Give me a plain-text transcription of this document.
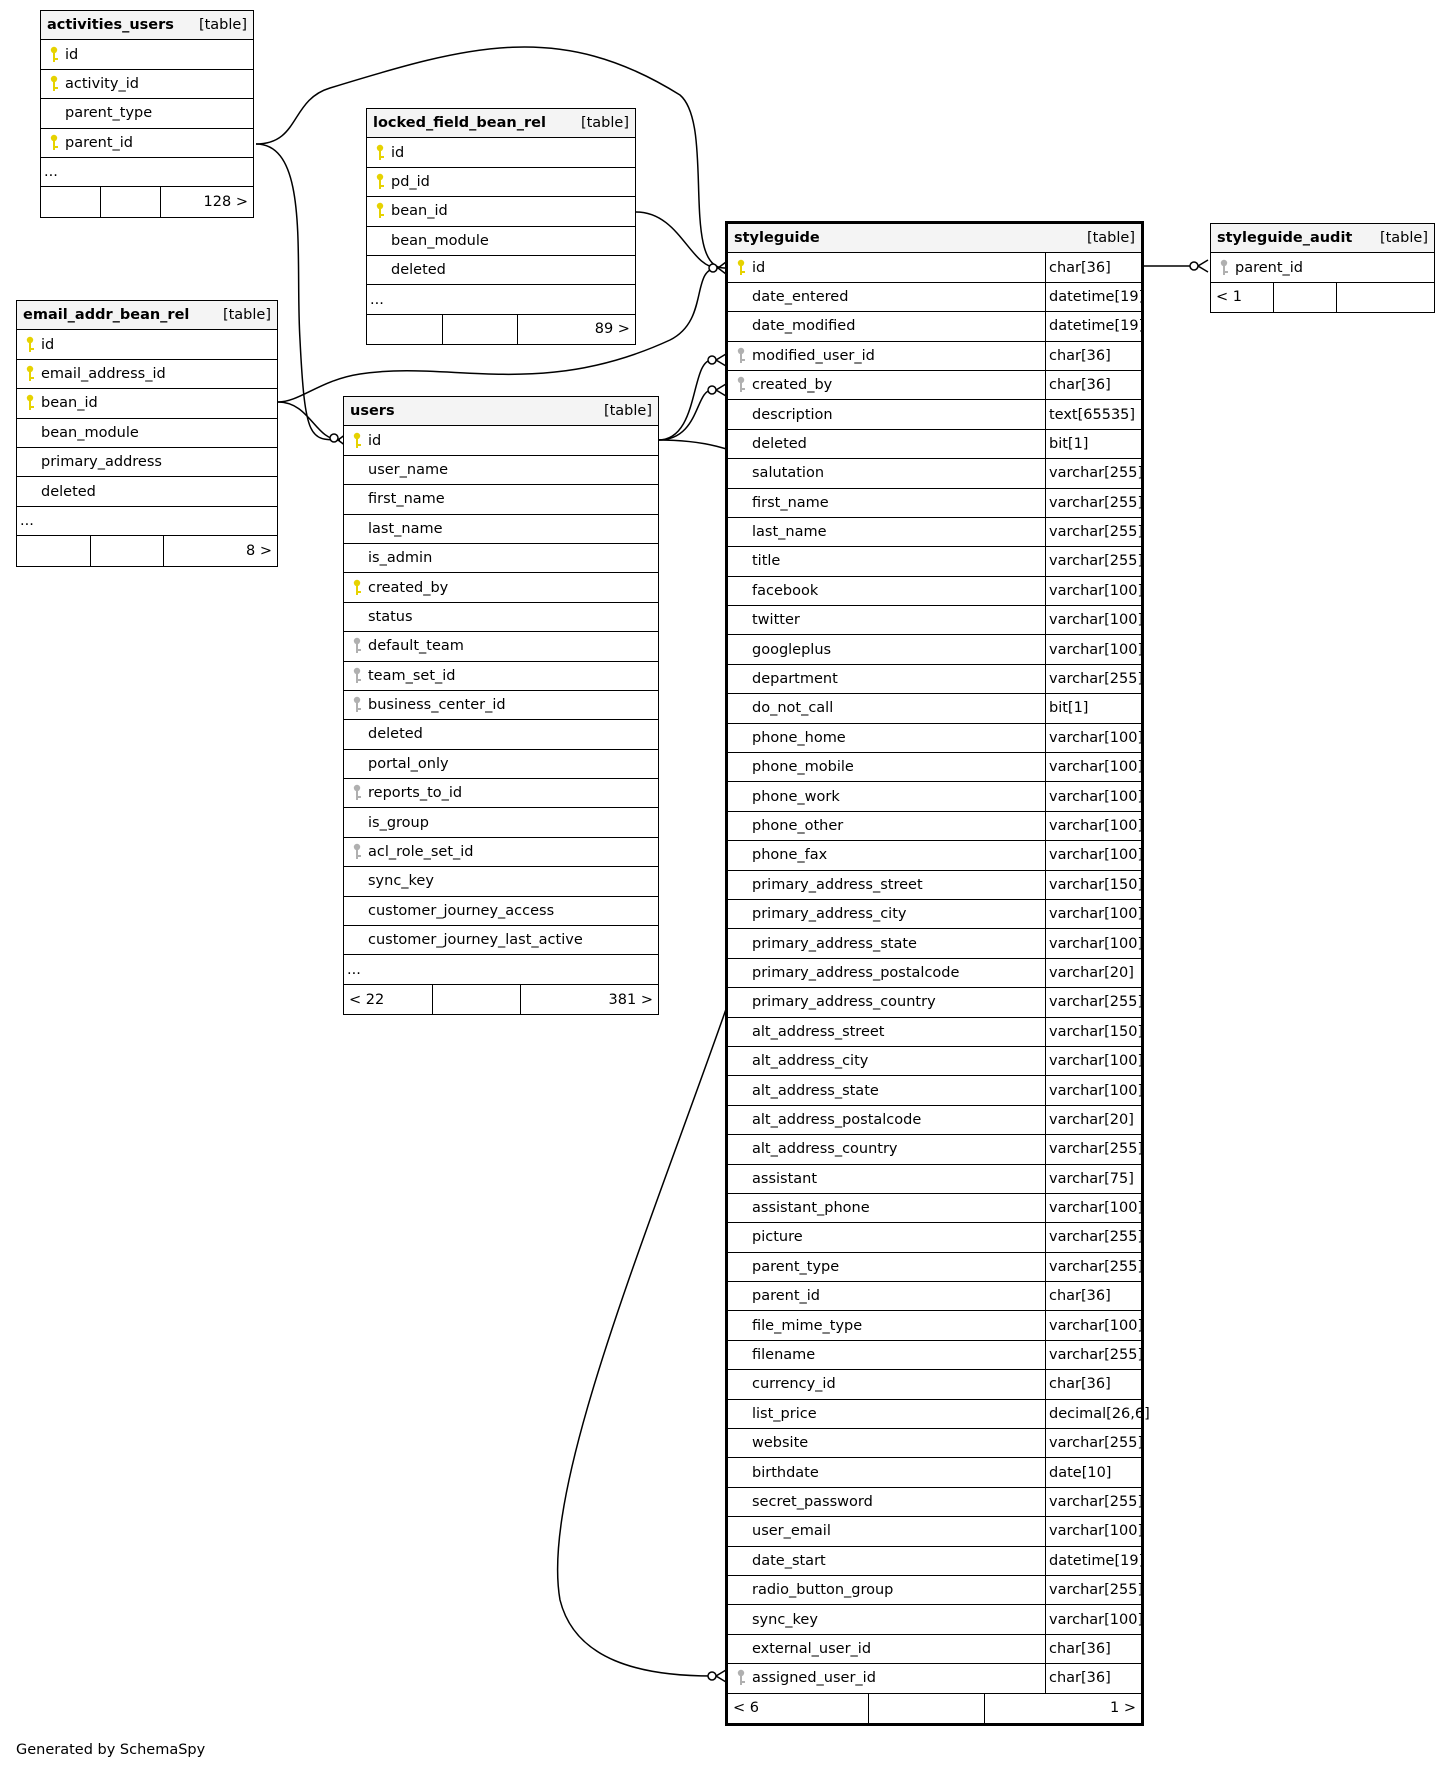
activities_users	[table]
id
activity_id
parent_type
parent_id
...
128 >
locked_field_bean_rel	[table]
id
pd_id
bean_id
bean_module
deleted
...
89 >
email_addr_bean_rel	[table]
id
email_address_id
bean_id
bean_module
primary_address
deleted
...
8 >
users	[table]
id
user_name
first_name
last_name
is_admin
created_by
status
default_team
team_set_id
business_center_id
deleted
portal_only
reports_to_id
is_group
acl_role_set_id
sync_key
customer_journey_access
customer_journey_last_active
...
< 22	381 >
styleguide	[table]
id	char[36]
date_entered	datetime[19]
date_modified	datetime[19]
modified_user_id	char[36]
created_by	char[36]
description	text[65535]
deleted	bit[1]
salutation	varchar[255]
first_name	varchar[255]
last_name	varchar[255]
title	varchar[255]
facebook	varchar[100]
twitter	varchar[100]
googleplus	varchar[100]
department	varchar[255]
do_not_call	bit[1]
phone_home	varchar[100]
phone_mobile	varchar[100]
phone_work	varchar[100]
phone_other	varchar[100]
phone_fax	varchar[100]
primary_address_street	varchar[150]
primary_address_city	varchar[100]
primary_address_state	varchar[100]
primary_address_postalcode	varchar[20]
primary_address_country	varchar[255]
alt_address_street	varchar[150]
alt_address_city	varchar[100]
alt_address_state	varchar[100]
alt_address_postalcode	varchar[20]
alt_address_country	varchar[255]
assistant	varchar[75]
assistant_phone	varchar[100]
picture	varchar[255]
parent_type	varchar[255]
parent_id	char[36]
file_mime_type	varchar[100]
filename	varchar[255]
currency_id	char[36]
list_price	decimal[26,6]
website	varchar[255]
birthdate	date[10]
secret_password	varchar[255]
user_email	varchar[100]
date_start	datetime[19]
radio_button_group	varchar[255]
sync_key	varchar[100]
external_user_id	char[36]
assigned_user_id	char[36]
< 6	1 >
styleguide_audit	[table]
parent_id
< 1
Generated by SchemaSpy
